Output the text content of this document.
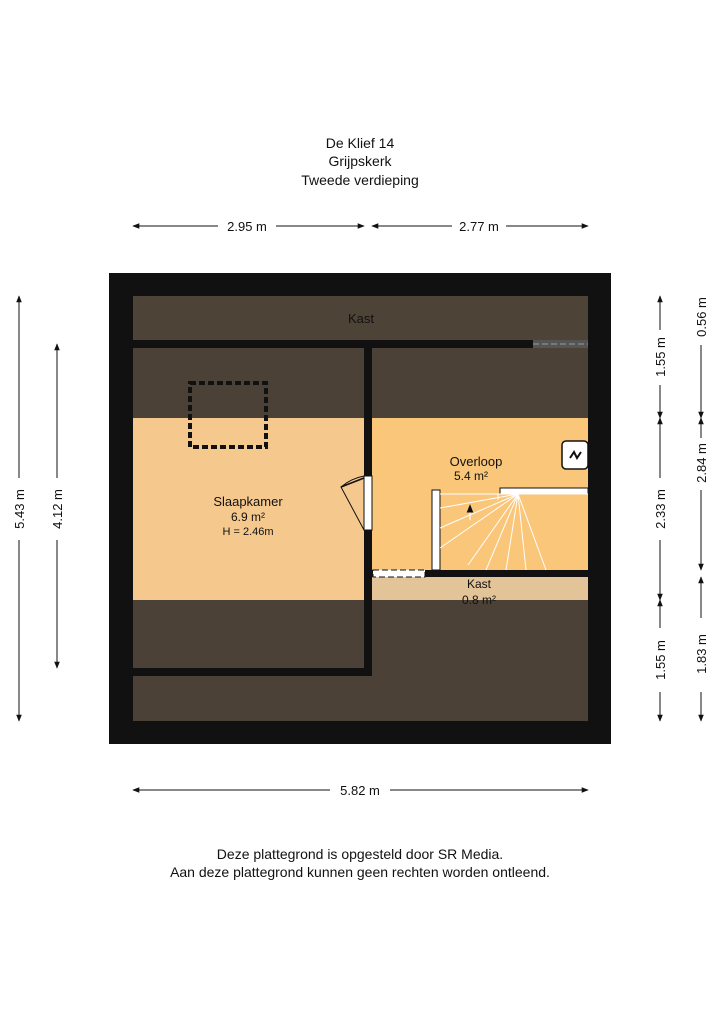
De Klief 14
Grijpskerk
Tweede verdieping
Kast
Slaapkamer
6.9 m²
H = 2.46m
Overloop
5.4 m²
Kast
0.8 m²
2.95 m	2.77 m
5.82 m
5.43 m 4.12 m
1.55 m
2.33 m
1.55 m
0.56 m
2.84 m
1.83 m
Deze plattegrond is opgesteld door SR Media.
Aan deze plattegrond kunnen geen rechten worden ontleend.
